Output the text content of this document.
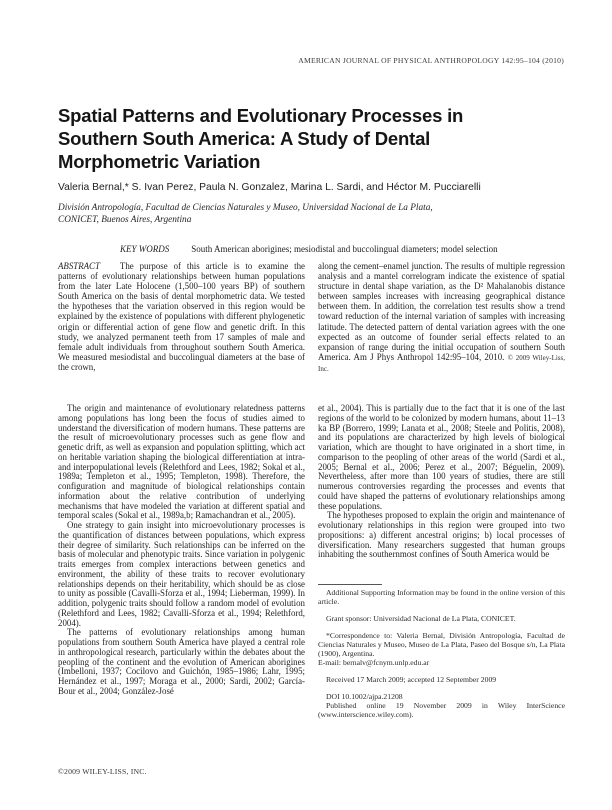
AMERICAN JOURNAL OF PHYSICAL ANTHROPOLOGY 142:95–104 (2010)
Spatial Patterns and Evolutionary Processes in
Southern South America: A Study of Dental
Morphometric Variation
Valeria Bernal,* S. Ivan Perez, Paula N. Gonzalez, Marina L. Sardi, and Héctor M. Pucciarelli
División Antropología, Facultad de Ciencias Naturales y Museo, Universidad Nacional de La Plata,
CONICET, Buenos Aires, Argentina
KEY WORDS South American aborigines; mesiodistal and buccolingual diameters; model selection

ABSTRACT The purpose of this article is to examine the patterns of evolutionary relationships between human populations from the later Late Holocene (1,500–100 years BP) of southern South America on the basis of dental morphometric data. We tested the hypotheses that the variation observed in this region would be explained by the existence of populations with different phylogenetic origin or differential action of gene flow and genetic drift. In this study, we analyzed permanent teeth from 17 samples of male and female adult individuals from throughout southern South America. We measured mesiodistal and buccolingual diameters at the base of the crown,

along the cement–enamel junction. The results of multiple regression analysis and a mantel correlogram indicate the existence of spatial structure in dental shape variation, as the D² Mahalanobis distance between samples increases with increasing geographical distance between them. In addition, the correlation test results show a trend toward reduction of the internal variation of samples with increasing latitude. The detected pattern of dental variation agrees with the one expected as an outcome of founder serial effects related to an expansion of range during the initial occupation of southern South America. Am J Phys Anthropol 142:95–104, 2010. © 2009 Wiley-Liss, Inc.

The origin and maintenance of evolutionary relatedness patterns among populations has long been the focus of studies aimed to understand the diversification of modern humans. These patterns are the result of microevolutionary processes such as gene flow and genetic drift, as well as expansion and population splitting, which act on heritable variation shaping the biological differentiation at intra- and interpopulational levels (Relethford and Lees, 1982; Sokal et al., 1989a; Templeton et al., 1995; Templeton, 1998). Therefore, the configuration and magnitude of biological relationships contain information about the relative contribution of underlying mechanisms that have modeled the variation at different spatial and temporal scales (Sokal et al., 1989a,b; Ramachandran et al., 2005).

One strategy to gain insight into microevolutionary processes is the quantification of distances between populations, which express their degree of similarity. Such relationships can be inferred on the basis of molecular and phenotypic traits. Since variation in polygenic traits emerges from complex interactions between genetics and environment, the ability of these traits to recover evolutionary relationships depends on their heritability, which should be as close to unity as possible (Cavalli-Sforza et al., 1994; Lieberman, 1999). In addition, polygenic traits should follow a random model of evolution (Relethford and Lees, 1982; Cavalli-Sforza et al., 1994; Relethford, 2004).

The patterns of evolutionary relationships among human populations from southern South America have played a central role in anthropological research, particularly within the debates about the peopling of the continent and the evolution of American aborigines (Imbelloni, 1937; Cocilovo and Guichón, 1985–1986; Lahr, 1995; Hernández et al., 1997; Moraga et al., 2000; Sardi, 2002; García-Bour et al., 2004; González-José

et al., 2004). This is partially due to the fact that it is one of the last regions of the world to be colonized by modern humans, about 11–13 ka BP (Borrero, 1999; Lanata et al., 2008; Steele and Politis, 2008), and its populations are characterized by high levels of biological variation, which are thought to have originated in a short time, in comparison to the peopling of other areas of the world (Sardi et al., 2005; Bernal et al., 2006; Perez et al., 2007; Béguelin, 2009). Nevertheless, after more than 100 years of studies, there are still numerous controversies regarding the processes and events that could have shaped the patterns of evolutionary relationships among these populations.

The hypotheses proposed to explain the origin and maintenance of evolutionary relationships in this region were grouped into two propositions: a) different ancestral origins; b) local processes of diversification. Many researchers suggested that human groups inhabiting the southernmost confines of South America would be

Additional Supporting Information may be found in the online version of this article.

Grant sponsor: Universidad Nacional de La Plata, CONICET.

*Correspondence to: Valeria Bernal, División Antropología, Facultad de Ciencias Naturales y Museo, Museo de La Plata, Paseo del Bosque s/n, La Plata (1900), Argentina.

E-mail: bernalv@fcnym.unlp.edu.ar

Received 17 March 2009; accepted 12 September 2009

DOI 10.1002/ajpa.21208

Published online 19 November 2009 in Wiley InterScience (www.interscience.wiley.com).

©2009 WILEY-LISS, INC.
